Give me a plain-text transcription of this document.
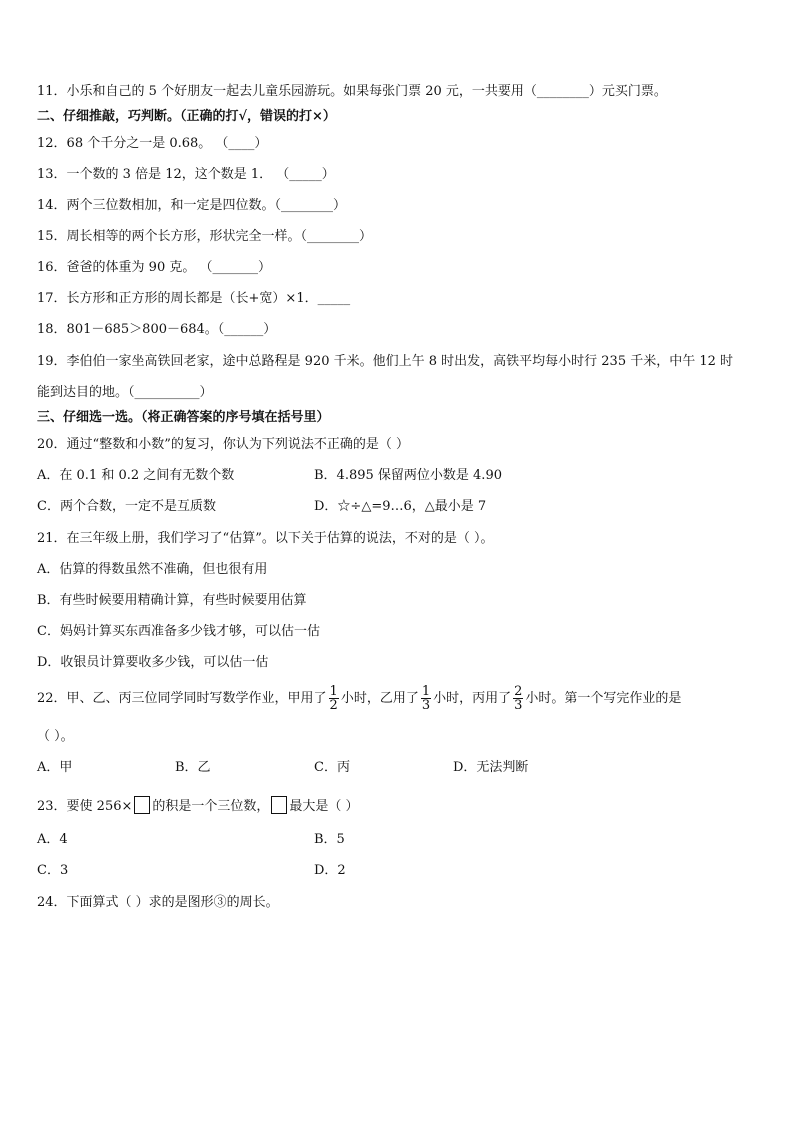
11．小乐和自己的 5 个好朋友一起去儿童乐园游玩。如果每张门票 20 元，一共要用（________）元买门票。
二、仔细推敲，巧判断。（正确的打√，错误的打×）
12．68 个千分之一是 0.68。 （____）
13．一个数的 3 倍是 12，这个数是 1． （_____）
14．两个三位数相加，和一定是四位数。（________）
15．周长相等的两个长方形，形状完全一样。（________）
16．爸爸的体重为 90 克。 （_______）
17．长方形和正方形的周长都是（长+宽）×1．_____
18．801－685＞800－684。（______）
19．李伯伯一家坐高铁回老家，途中总路程是 920 千米。他们上午 8 时出发，高铁平均每小时行 235 千米，中午 12 时
能到达目的地。（__________）
三、仔细选一选。（将正确答案的序号填在括号里）
20．通过“整数和小数”的复习，你认为下列说法不正确的是（ ）
A．在 0.1 和 0.2 之间有无数个数	B．4.895 保留两位小数是 4.90
C．两个合数，一定不是互质数	D．☆÷△=9…6，△最小是 7
21．在三年级上册，我们学习了“估算”。以下关于估算的说法，不对的是（ ）。
A．估算的得数虽然不准确，但也很有用
B．有些时候要用精确计算，有些时候要用估算
C．妈妈计算买东西准备多少钱才够，可以估一估
D．收银员计算要收多少钱，可以估一估
22．甲、乙、丙三位同学同时写数学作业，甲用了 $\frac{1}{2}$ 小时，乙用了 $\frac{1}{3}$ 小时，丙用了 $\frac{2}{3}$ 小时。第一个写完作业的是
（ ）。
A．甲	B．乙	C．丙	D．无法判断
23．要使 256× 的积是一个三位数， 最大是（ ）
A．4	B．5
C．3	D．2
24．下面算式（ ）求的是图形③的周长。
